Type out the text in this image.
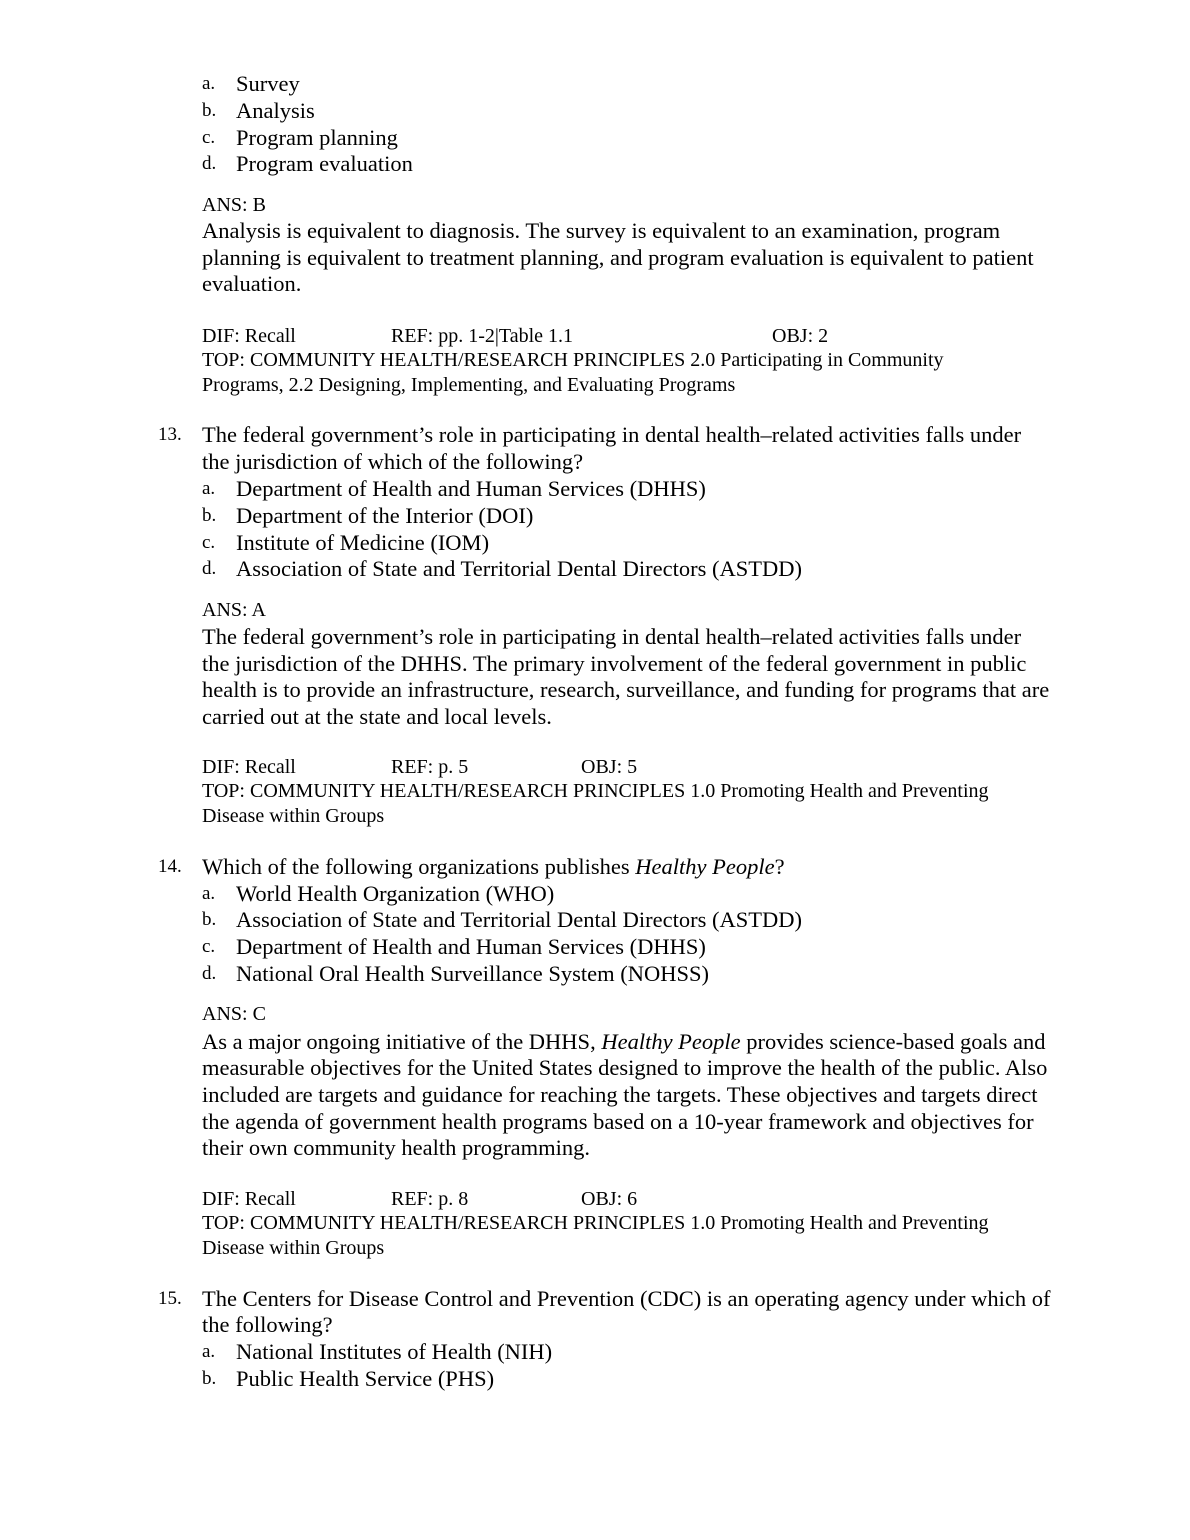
a. Survey
b. Analysis
c. Program planning
d. Program evaluation
ANS: B
Analysis is equivalent to diagnosis. The survey is equivalent to an examination, program
planning is equivalent to treatment planning, and program evaluation is equivalent to patient
evaluation.
DIF: Recall	REF: pp. 1-2|Table 1.1	OBJ: 2
TOP: COMMUNITY HEALTH/RESEARCH PRINCIPLES 2.0 Participating in Community
Programs, 2.2 Designing, Implementing, and Evaluating Programs
13. The federal government’s role in participating in dental health–related activities falls under
the jurisdiction of which of the following?
a. Department of Health and Human Services (DHHS)
b. Department of the Interior (DOI)
c. Institute of Medicine (IOM)
d. Association of State and Territorial Dental Directors (ASTDD)
ANS: A
The federal government’s role in participating in dental health–related activities falls under
the jurisdiction of the DHHS. The primary involvement of the federal government in public
health is to provide an infrastructure, research, surveillance, and funding for programs that are
carried out at the state and local levels.
DIF: Recall	REF: p. 5	OBJ: 5
TOP: COMMUNITY HEALTH/RESEARCH PRINCIPLES 1.0 Promoting Health and Preventing
Disease within Groups
14. Which of the following organizations publishes Healthy People?
a. World Health Organization (WHO)
b. Association of State and Territorial Dental Directors (ASTDD)
c. Department of Health and Human Services (DHHS)
d. National Oral Health Surveillance System (NOHSS)
ANS: C
As a major ongoing initiative of the DHHS, Healthy People provides science-based goals and
measurable objectives for the United States designed to improve the health of the public. Also
included are targets and guidance for reaching the targets. These objectives and targets direct
the agenda of government health programs based on a 10-year framework and objectives for
their own community health programming.
DIF: Recall	REF: p. 8	OBJ: 6
TOP: COMMUNITY HEALTH/RESEARCH PRINCIPLES 1.0 Promoting Health and Preventing
Disease within Groups
15. The Centers for Disease Control and Prevention (CDC) is an operating agency under which of
the following?
a. National Institutes of Health (NIH)
b. Public Health Service (PHS)
